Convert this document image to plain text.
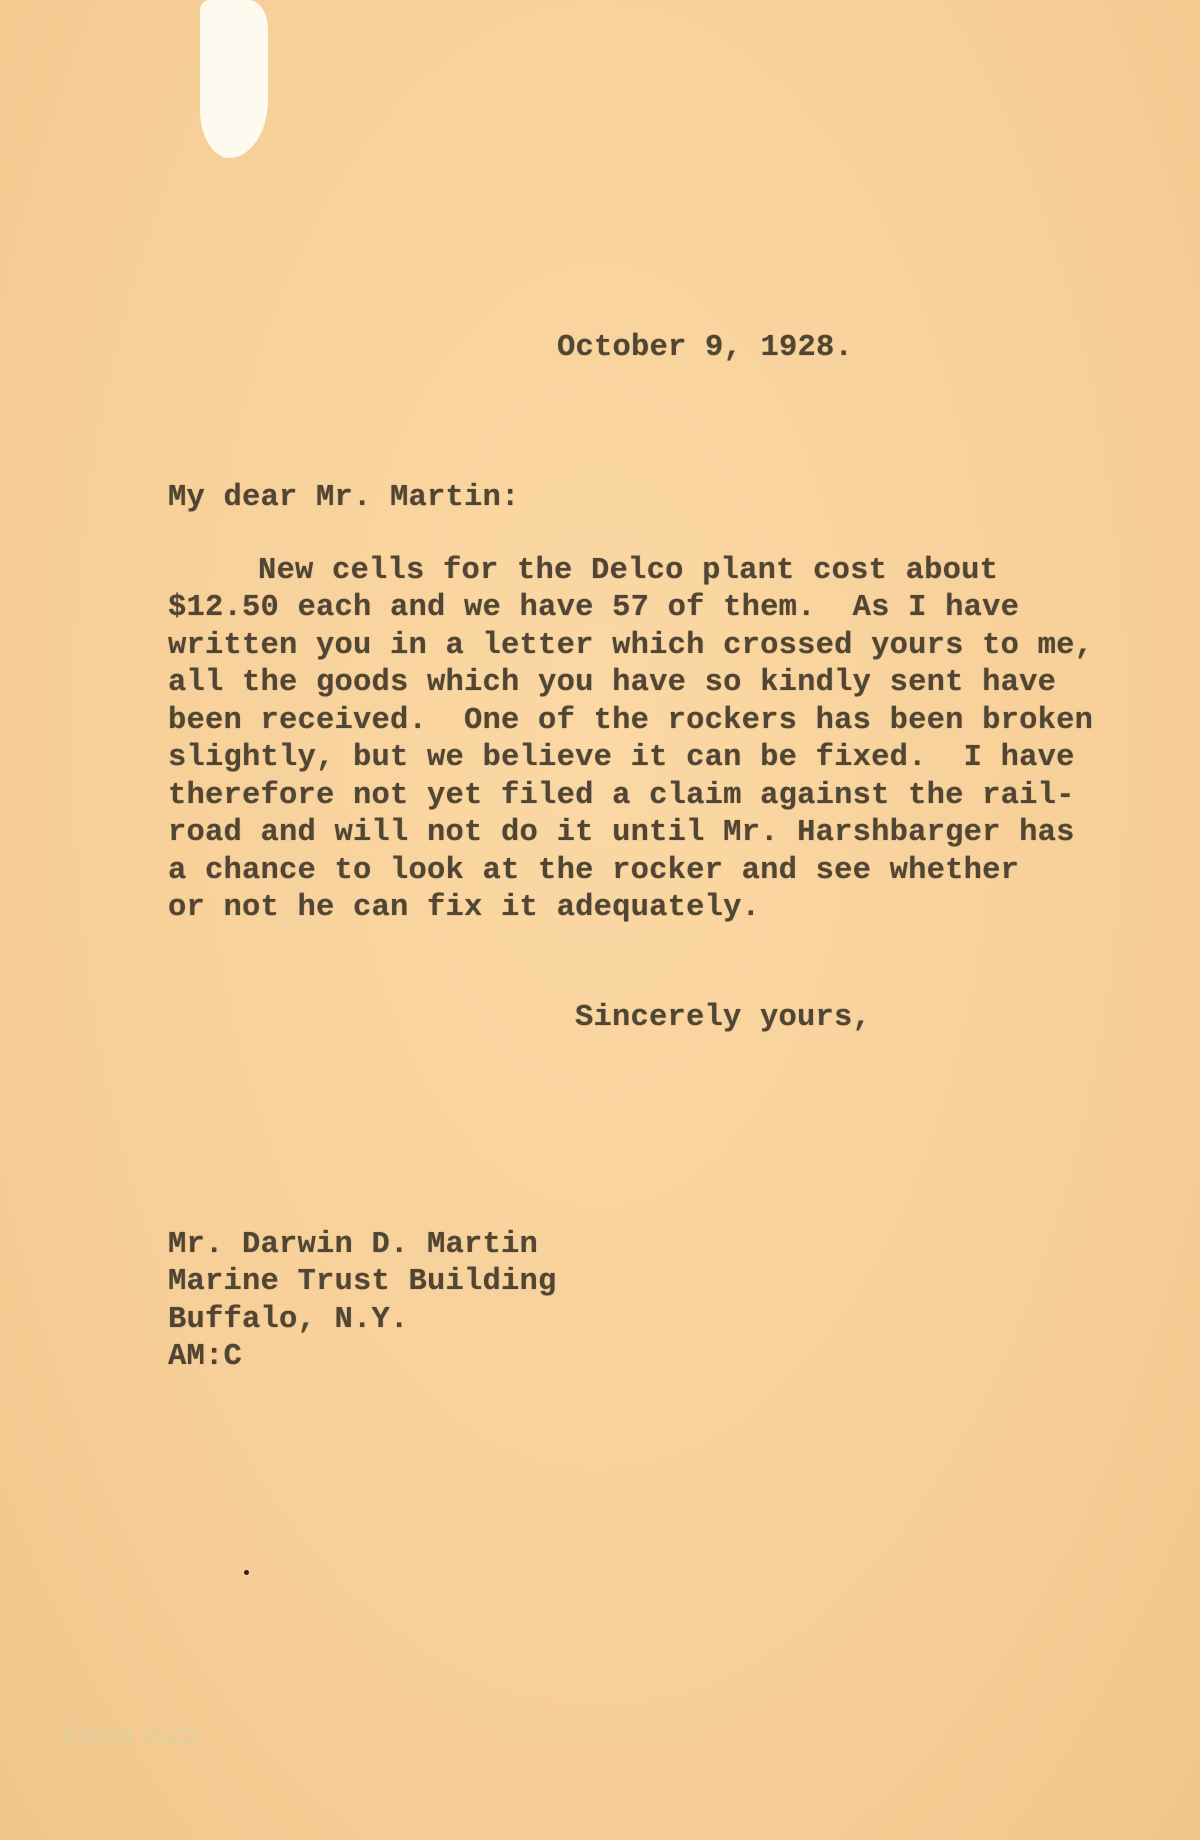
October 9, 1928.
My dear Mr. Martin:
New cells for the Delco plant cost about
$12.50 each and we have 57 of them.  As I have
written you in a letter which crossed yours to me,
all the goods which you have so kindly sent have
been received.  One of the rockers has been broken
slightly, but we believe it can be fixed.  I have
therefore not yet filed a claim against the rail-
road and will not do it until Mr. Harshbarger has
a chance to look at the rocker and see whether
or not he can fix it adequately.
Sincerely yours,
Mr. Darwin D. Martin
Marine Trust Building
Buffalo, N.Y.
AM:C
PMSS 2022
